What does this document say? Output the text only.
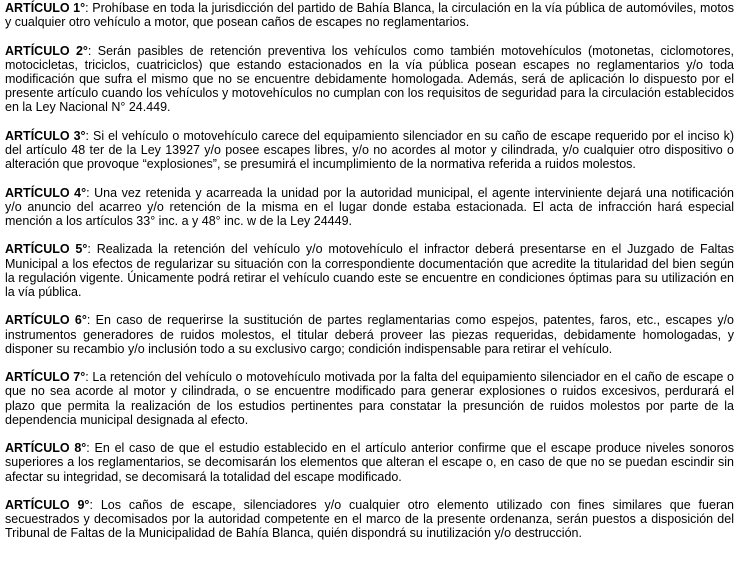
ARTÍCULO 1°: Prohíbase en toda la jurisdicción del partido de Bahía Blanca, la circulación en la vía pública de automóviles, motos y cualquier otro vehículo a motor, que posean caños de escapes no reglamentarios.

ARTÍCULO 2°: Serán pasibles de retención preventiva los vehículos como también motovehículos (motonetas, ciclomotores, motocicletas, triciclos, cuatriciclos) que estando estacionados en la vía pública posean escapes no reglamentarios y/o toda modificación que sufra el mismo que no se encuentre debidamente homologada. Además, será de aplicación lo dispuesto por el presente artículo cuando los vehículos y motovehículos no cumplan con los requisitos de seguridad para la circulación establecidos en la Ley Nacional N° 24.449.

ARTÍCULO 3°: Si el vehículo o motovehículo carece del equipamiento silenciador en su caño de escape requerido por el inciso k) del artículo 48 ter de la Ley 13927 y/o posee escapes libres, y/o no acordes al motor y cilindrada, y/o cualquier otro dispositivo o alteración que provoque “explosiones”, se presumirá el incumplimiento de la normativa referida a ruidos molestos.

ARTÍCULO 4°: Una vez retenida y acarreada la unidad por la autoridad municipal, el agente interviniente dejará una notificación y/o anuncio del acarreo y/o retención de la misma en el lugar donde estaba estacionada. El acta de infracción hará especial mención a los artículos 33° inc. a y 48° inc. w de la Ley 24449.

ARTÍCULO 5°: Realizada la retención del vehículo y/o motovehículo el infractor deberá presentarse en el Juzgado de Faltas Municipal a los efectos de regularizar su situación con la correspondiente documentación que acredite la titularidad del bien según la regulación vigente. Únicamente podrá retirar el vehículo cuando este se encuentre en condiciones óptimas para su utilización en la vía pública.

ARTÍCULO 6°: En caso de requerirse la sustitución de partes reglamentarias como espejos, patentes, faros, etc., escapes y/o instrumentos generadores de ruidos molestos, el titular deberá proveer las piezas requeridas, debidamente homologadas, y disponer su recambio y/o inclusión todo a su exclusivo cargo; condición indispensable para retirar el vehículo.

ARTÍCULO 7°: La retención del vehículo o motovehículo motivada por la falta del equipamiento silenciador en el caño de escape o que no sea acorde al motor y cilindrada, o se encuentre modificado para generar explosiones o ruidos excesivos, perdurará el plazo que permita la realización de los estudios pertinentes para constatar la presunción de ruidos molestos por parte de la dependencia municipal designada al efecto.

ARTÍCULO 8°: En el caso de que el estudio establecido en el artículo anterior confirme que el escape produce niveles sonoros superiores a los reglamentarios, se decomisarán los elementos que alteran el escape o, en caso de que no se puedan escindir sin afectar su integridad, se decomisará la totalidad del escape modificado.

ARTÍCULO 9°: Los caños de escape, silenciadores y/o cualquier otro elemento utilizado con fines similares que fueran secuestrados y decomisados por la autoridad competente en el marco de la presente ordenanza, serán puestos a disposición del Tribunal de Faltas de la Municipalidad de Bahía Blanca, quién dispondrá su inutilización y/o destrucción.
